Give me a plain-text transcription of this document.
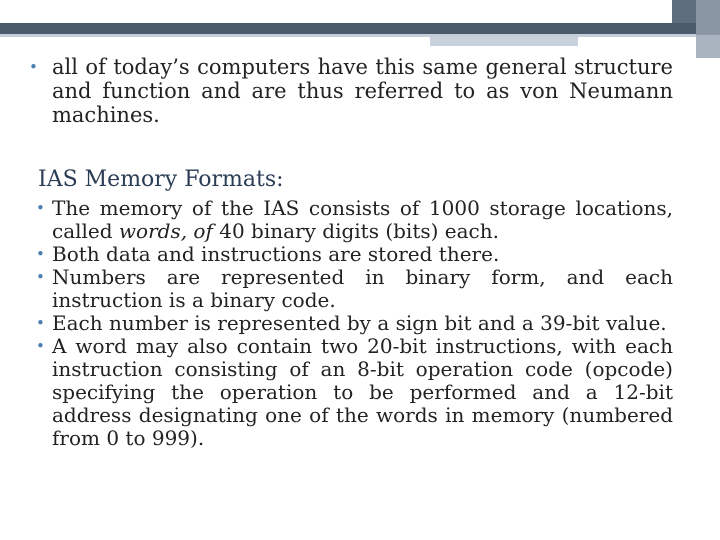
• all of today’s computers have this same general structure and function and are thus referred to as von Neumann machines.
IAS Memory Formats:
• The memory of the IAS consists of 1000 storage locations, called words, of 40 binary digits (bits) each.
• Both data and instructions are stored there.
• Numbers are represented in binary form, and each instruction is a binary code.
• Each number is represented by a sign bit and a 39-bit value.
• A word may also contain two 20-bit instructions, with each instruction consisting of an 8-bit operation code (opcode) specifying the operation to be performed and a 12-bit address designating one of the words in memory (numbered from 0 to 999).
